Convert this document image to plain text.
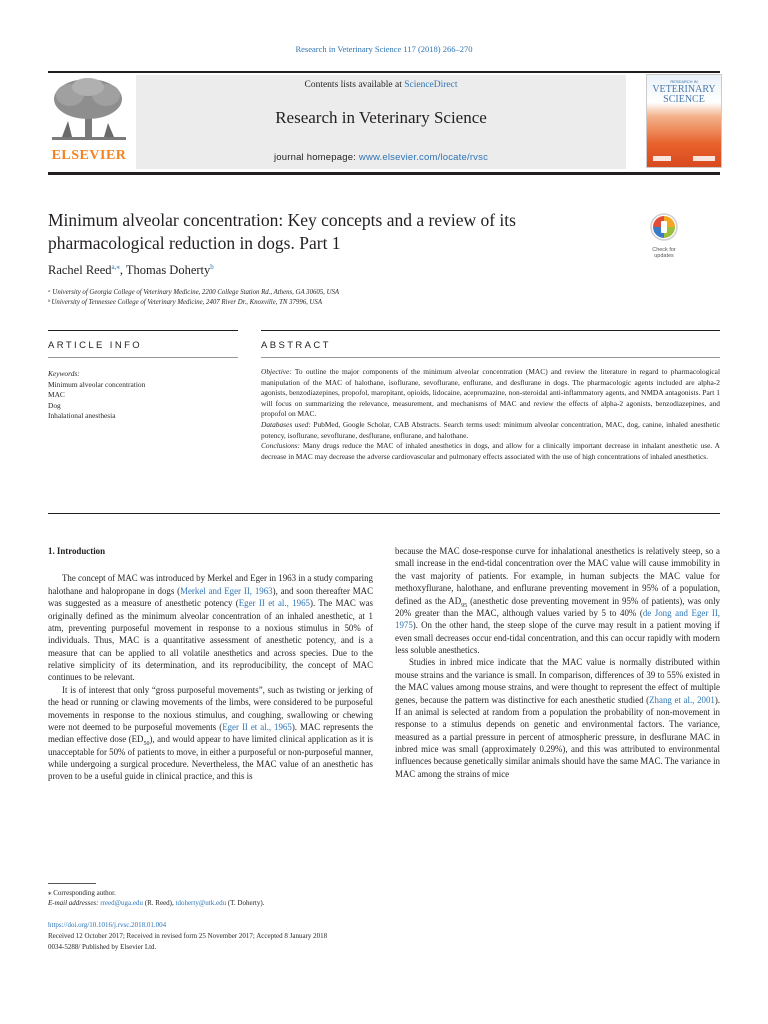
Research in Veterinary Science 117 (2018) 266–270
ELSEVIER
Contents lists available at ScienceDirect
Research in Veterinary Science
journal homepage: www.elsevier.com/locate/rvsc
RESEARCH IN
VETERINARY
SCIENCE
Minimum alveolar concentration: Key concepts and a review of its pharmacological reduction in dogs. Part 1	Check for updates
Rachel Reed$^{a,⁎}$, Thomas Doherty$^b$
ᵃ University of Georgia College of Veterinary Medicine, 2200 College Station Rd., Athens, GA 30605, USA
ᵇ University of Tennessee College of Veterinary Medicine, 2407 River Dr., Knoxville, TN 37996, USA
ARTICLE INFO	ABSTRACT
Keywords:
Minimum alveolar concentration
MAC
Dog
Inhalational anesthesia

Objective: To outline the major components of the minimum alveolar concentration (MAC) and review the literature in regard to pharmacological manipulation of the MAC of halothane, isoflurane, sevoflurane, enflurane, and desflurane in dogs. The pharmacologic agents included are alpha-2 agonists, benzodiazepines, propofol, maropitant, opioids, lidocaine, acepromazine, non-steroidal anti-inflammatory agents, and NMDA antagonists. Part 1 will focus on summarizing the relevance, measurement, and mechanisms of MAC and review the effects of alpha-2 agonists, benzodiazepines, and propofol on MAC.

Databases used: PubMed, Google Scholar, CAB Abstracts. Search terms used: minimum alveolar concentration, MAC, dog, canine, inhaled anesthetic potency, isoflurane, sevoflurane, desflurane, enflurane, and halothane.

Conclusions: Many drugs reduce the MAC of inhaled anesthetics in dogs, and allow for a clinically important decrease in inhalant anesthetic use. A decrease in MAC may decrease the adverse cardiovascular and pulmonary effects associated with the use of high concentrations of inhaled anesthetics.

1. Introduction

The concept of MAC was introduced by Merkel and Eger in 1963 in a study comparing halothane and halopropane in dogs (Merkel and Eger II, 1963), and soon thereafter MAC was suggested as a measure of anesthetic potency (Eger II et al., 1965). The MAC was originally defined as the minimum alveolar concentration of an inhaled anesthetic, at 1 atm, preventing purposeful movement in response to a noxious stimulus in 50% of individuals. Thus, MAC is a quantitative assessment of anesthetic potency, and is a measure that can be applied to all volatile anesthetics and across species. Due to the relative simplicity of its determination, and its reproducibility, the concept of MAC continues to be relevant.

It is of interest that only “gross purposeful movements”, such as twisting or jerking of the head or running or clawing movements of the limbs, were considered to be purposeful movements in response to the noxious stimulus, and coughing, swallowing or chewing were not deemed to be purposeful movements (Eger II et al., 1965). MAC represents the median effective dose $(ED_{50})$, and would appear to have limited clinical application as it is unacceptable for 50% of patients to move, in either a purposeful or non-purposeful manner, while undergoing a surgical procedure. Nevertheless, the MAC value of an anesthetic has proven to be a useful guide in clinical practice, and this is

because the MAC dose-response curve for inhalational anesthetics is relatively steep, so a small increase in the end-tidal concentration over the MAC value will cause immobility in the vast majority of patients. For example, in human subjects the MAC value for methoxyflurane, halothane, and enflurane preventing movement in 95% of a population, defined as the $AD_{95}$ (anesthetic dose preventing movement in 95% of patients), was only 20% greater than the MAC, although values varied by 5 to 40% (de Jong and Eger II, 1975). On the other hand, the steep slope of the curve may result in a patient moving if even small decreases occur end-tidal concentration, and this can occur rapidly with modern less soluble anesthetics.

Studies in inbred mice indicate that the MAC value is normally distributed within mouse strains and the variance is small. In comparison, differences of 39 to 55% existed in the MAC values among mouse strains, and were thought to represent the effect of multiple genes, because the pattern was distinctive for each anesthetic studied (Zhang et al., 2001). If an animal is selected at random from a population the probability of non-movement in response to a stimulus depends on genetic and environmental factors. The variance, measured as a partial pressure in percent of atmospheric pressure, in desflurane MAC in inbred mice was small (approximately 0.29%), and this was attributed to environmental influences because genetically similar animals should have the same MAC. The variance in MAC among the strains of mice

⁎ Corresponding author.
E-mail addresses: rreed@uga.edu (R. Reed), tdoherty@utk.edu (T. Doherty).
https://doi.org/10.1016/j.rvsc.2018.01.004
Received 12 October 2017; Received in revised form 25 November 2017; Accepted 8 January 2018
0034-5288/ Published by Elsevier Ltd.
